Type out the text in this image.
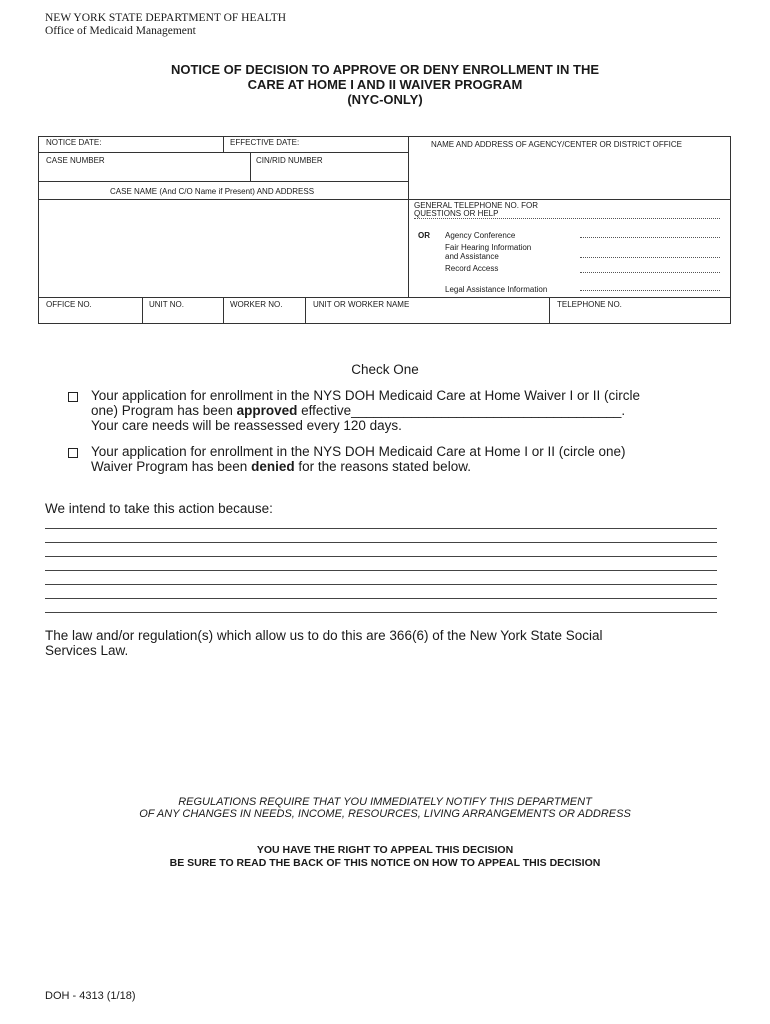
NEW YORK STATE DEPARTMENT OF HEALTH
Office of Medicaid Management
NOTICE OF DECISION TO APPROVE OR DENY ENROLLMENT IN THE
CARE AT HOME I AND II WAIVER PROGRAM
(NYC-ONLY)
NOTICE DATE:	EFFECTIVE DATE:	NAME AND ADDRESS OF AGENCY/CENTER OR DISTRICT OFFICE
CASE NUMBER	CIN/RID NUMBER
CASE NAME (And C/O Name if Present) AND ADDRESS
GENERAL TELEPHONE NO. FOR
QUESTIONS OR HELP
OR Agency Conference
Fair Hearing Information
and Assistance
Record Access
Legal Assistance Information
OFFICE NO.	UNIT NO.	WORKER NO.	UNIT OR WORKER NAME	TELEPHONE NO.
Check One
Your application for enrollment in the NYS DOH Medicaid Care at Home Waiver I or II (circle
one) Program has been approved effective____________________________________.
Your care needs will be reassessed every 120 days.
Your application for enrollment in the NYS DOH Medicaid Care at Home I or II (circle one)
Waiver Program has been denied for the reasons stated below.
We intend to take this action because:
The law and/or regulation(s) which allow us to do this are 366(6) of the New York State Social
Services Law.
REGULATIONS REQUIRE THAT YOU IMMEDIATELY NOTIFY THIS DEPARTMENT
OF ANY CHANGES IN NEEDS, INCOME, RESOURCES, LIVING ARRANGEMENTS OR ADDRESS
YOU HAVE THE RIGHT TO APPEAL THIS DECISION
BE SURE TO READ THE BACK OF THIS NOTICE ON HOW TO APPEAL THIS DECISION
DOH - 4313 (1/18)
